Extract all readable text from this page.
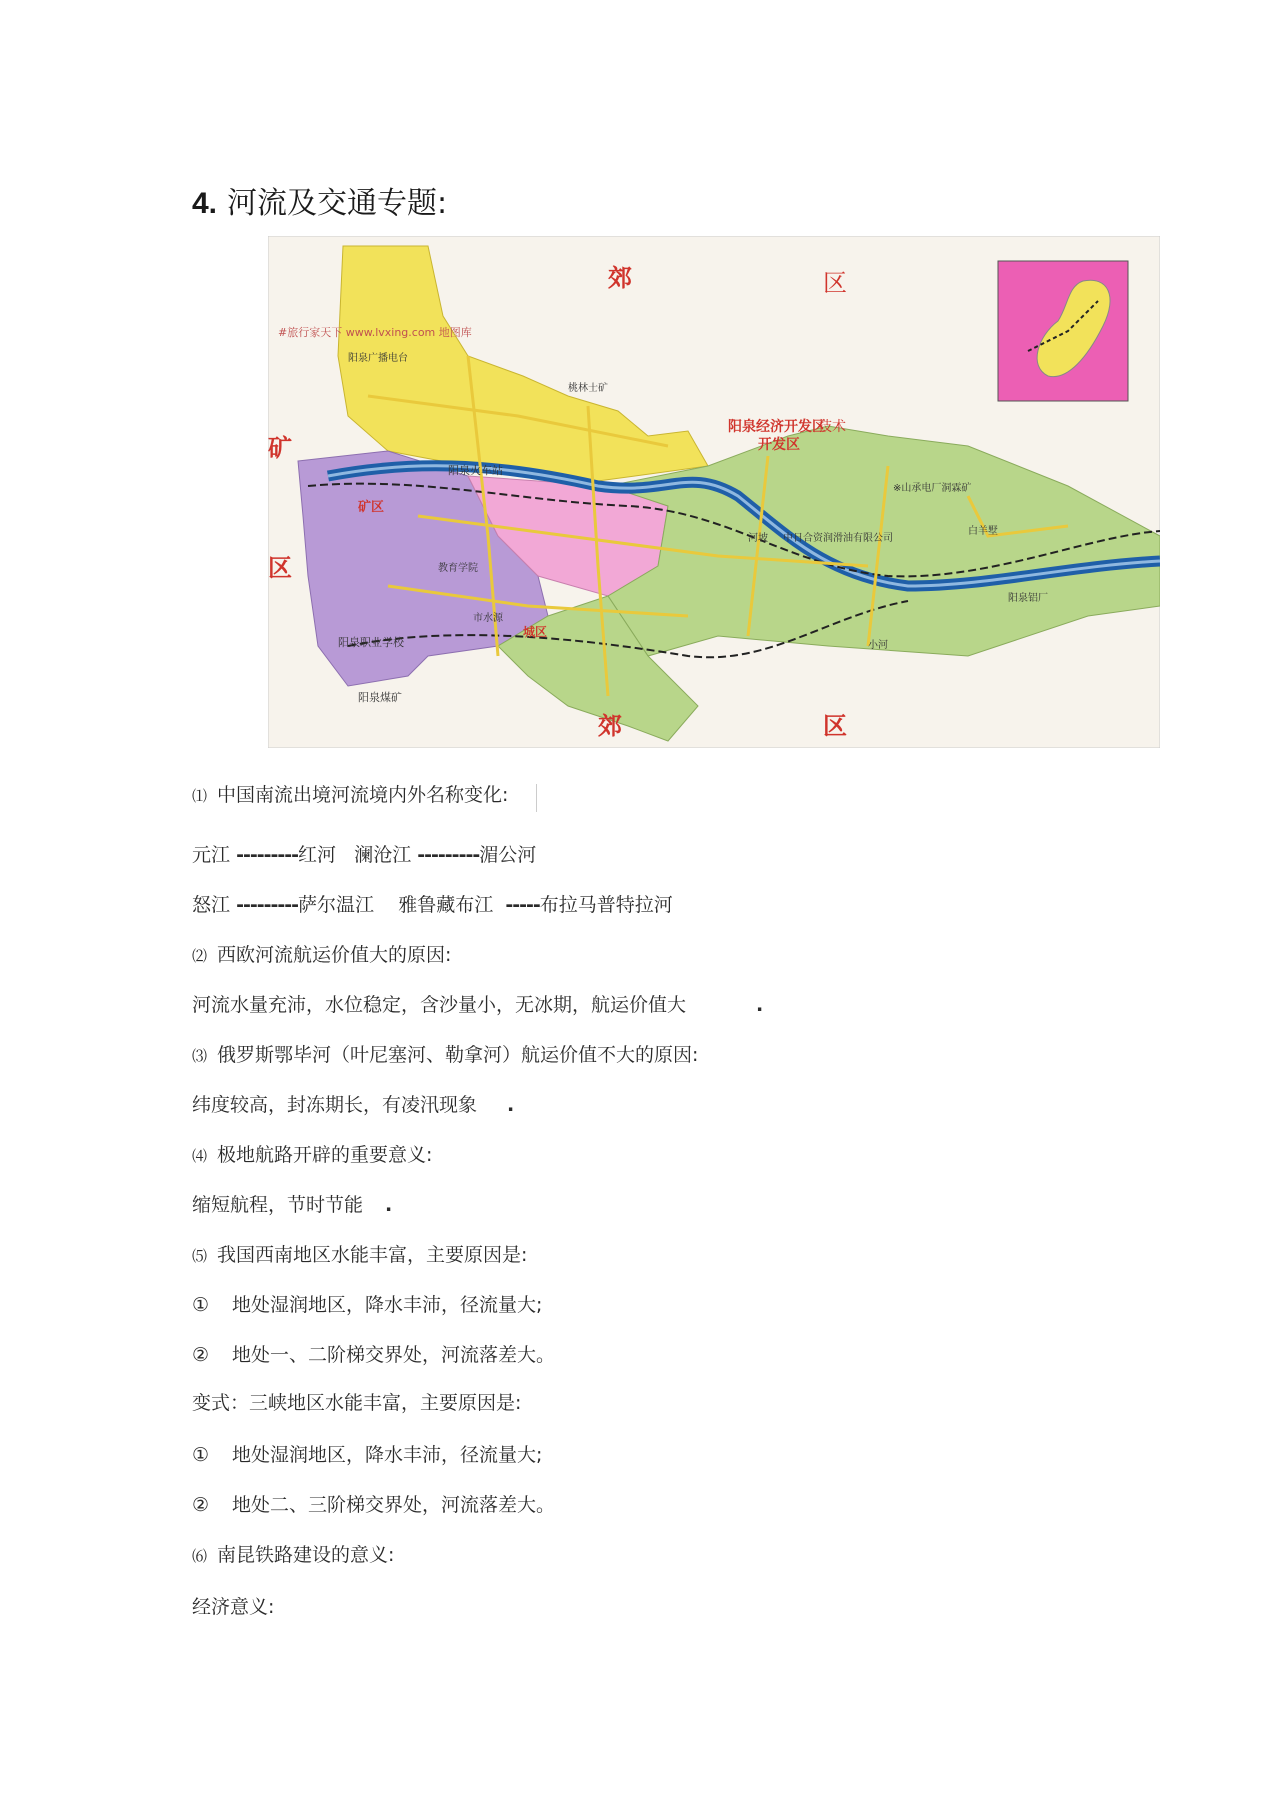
4. 河流及交通专题:
郊	区
郊	区
矿
区
阳泉经济开发区
开发区
技术
#旅行家天下 www.lvxing.com 地图库
桃林士矿
※山承电厂洞霖矿
白羊墅
小河
河坡 中日合资润滑油有限公司
阳泉铝厂
阳泉职业学校
阳泉煤矿
城区
市水源
教育学院
阳泉广播电台
阳泉火车站
矿区
⑴ 中国南流出境河流境内外名称变化:
元江 ---------红河 澜沧江 ---------湄公河
怒江 ---------萨尔温江 雅鲁藏布江 -----布拉马普特拉河
⑵ 西欧河流航运价值大的原因:
河流水量充沛，水位稳定，含沙量小，无冰期，航运价值大	.
⑶ 俄罗斯鄂毕河（叶尼塞河、勒拿河）航运价值不大的原因:
纬度较高，封冻期长，有凌汛现象 .
⑷ 极地航路开辟的重要意义:
缩短航程，节时节能 .
⑸ 我国西南地区水能丰富，主要原因是:
① 地处湿润地区，降水丰沛，径流量大;
② 地处一、二阶梯交界处，河流落差大。
变式：三峡地区水能丰富，主要原因是:
① 地处湿润地区，降水丰沛，径流量大;
② 地处二、三阶梯交界处，河流落差大。
⑹ 南昆铁路建设的意义:
经济意义:
